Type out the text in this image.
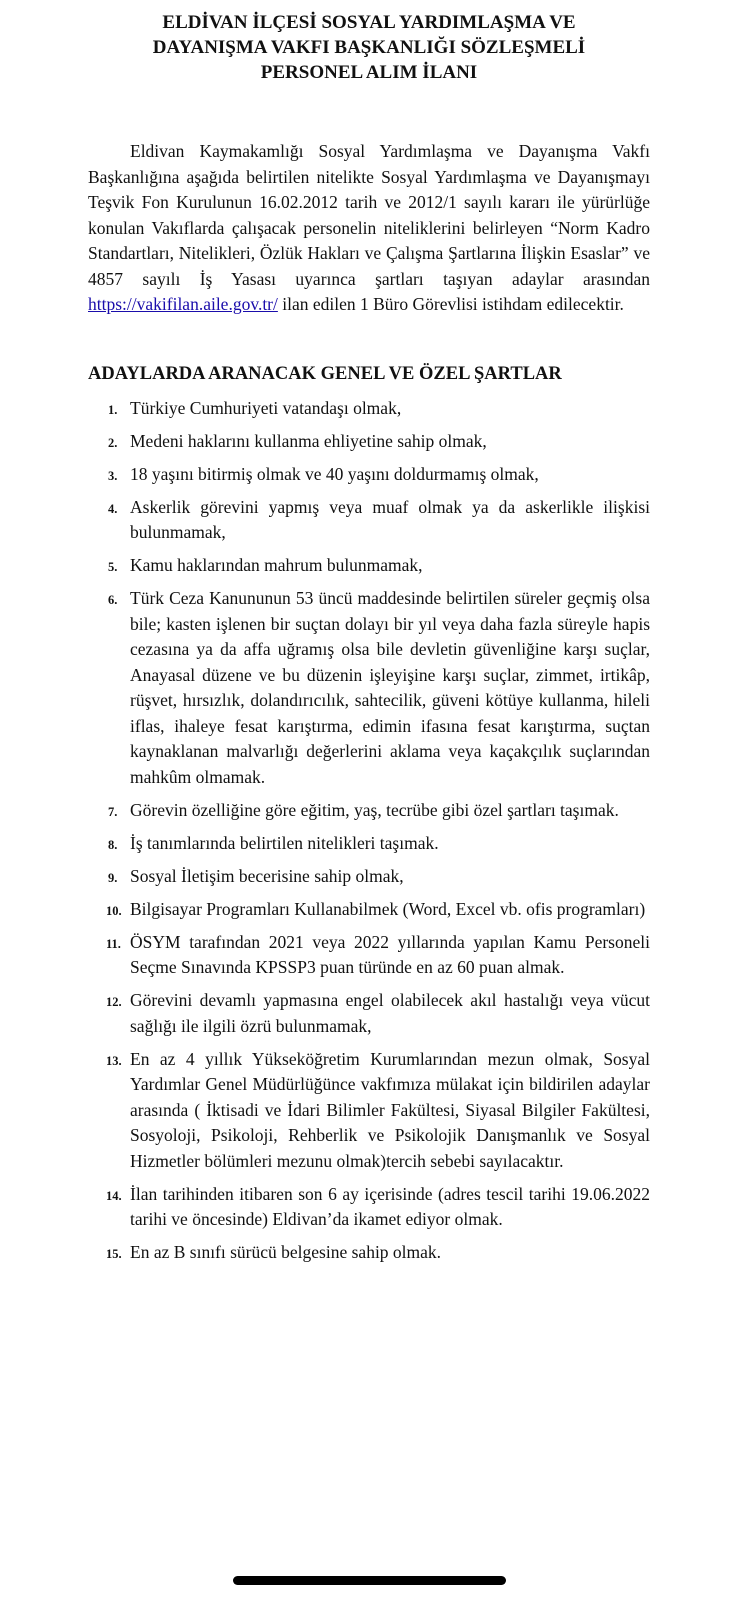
ELDİVAN İLÇESİ SOSYAL YARDIMLAŞMA VE
DAYANIŞMA VAKFI BAŞKANLIĞI SÖZLEŞMELİ
PERSONEL ALIM İLANI

Eldivan Kaymakamlığı Sosyal Yardımlaşma ve Dayanışma Vakfı Başkanlığına aşağıda belirtilen nitelikte Sosyal Yardımlaşma ve Dayanışmayı Teşvik Fon Kurulunun 16.02.2012 tarih ve 2012/1 sayılı kararı ile yürürlüğe konulan Vakıflarda çalışacak personelin niteliklerini belirleyen “Norm Kadro Standartları, Nitelikleri, Özlük Hakları ve Çalışma Şartlarına İlişkin Esaslar” ve 4857 sayılı İş Yasası uyarınca şartları taşıyan adaylar arasından https://vakifilan.aile.gov.tr/ ilan edilen 1 Büro Görevlisi istihdam edilecektir.

ADAYLARDA ARANACAK GENEL VE ÖZEL ŞARTLAR
1. Türkiye Cumhuriyeti vatandaşı olmak,
2. Medeni haklarını kullanma ehliyetine sahip olmak,
3. 18 yaşını bitirmiş olmak ve 40 yaşını doldurmamış olmak,
4. Askerlik görevini yapmış veya muaf olmak ya da askerlikle ilişkisi bulunmamak,
5. Kamu haklarından mahrum bulunmamak,
6. Türk Ceza Kanununun 53 üncü maddesinde belirtilen süreler geçmiş olsa bile; kasten işlenen bir suçtan dolayı bir yıl veya daha fazla süreyle hapis cezasına ya da affa uğramış olsa bile devletin güvenliğine karşı suçlar, Anayasal düzene ve bu düzenin işleyişine karşı suçlar, zimmet, irtikâp, rüşvet, hırsızlık, dolandırıcılık, sahtecilik, güveni kötüye kullanma, hileli iflas, ihaleye fesat karıştırma, edimin ifasına fesat karıştırma, suçtan kaynaklanan malvarlığı değerlerini aklama veya kaçakçılık suçlarından mahkûm olmamak.
7. Görevin özelliğine göre eğitim, yaş, tecrübe gibi özel şartları taşımak.
8. İş tanımlarında belirtilen nitelikleri taşımak.
9. Sosyal İletişim becerisine sahip olmak,
10. Bilgisayar Programları Kullanabilmek (Word, Excel vb. ofis programları)
11. ÖSYM tarafından 2021 veya 2022 yıllarında yapılan Kamu Personeli Seçme Sınavında KPSSP3 puan türünde en az 60 puan almak.
12. Görevini devamlı yapmasına engel olabilecek akıl hastalığı veya vücut sağlığı ile ilgili özrü bulunmamak,
13. En az 4 yıllık Yükseköğretim Kurumlarından mezun olmak, Sosyal Yardımlar Genel Müdürlüğünce vakfımıza mülakat için bildirilen adaylar arasında ( İktisadi ve İdari Bilimler Fakültesi, Siyasal Bilgiler Fakültesi, Sosyoloji, Psikoloji, Rehberlik ve Psikolojik Danışmanlık ve Sosyal Hizmetler bölümleri mezunu olmak)tercih sebebi sayılacaktır.
14. İlan tarihinden itibaren son 6 ay içerisinde (adres tescil tarihi 19.06.2022 tarihi ve öncesinde) Eldivan’da ikamet ediyor olmak.
15. En az B sınıfı sürücü belgesine sahip olmak.
